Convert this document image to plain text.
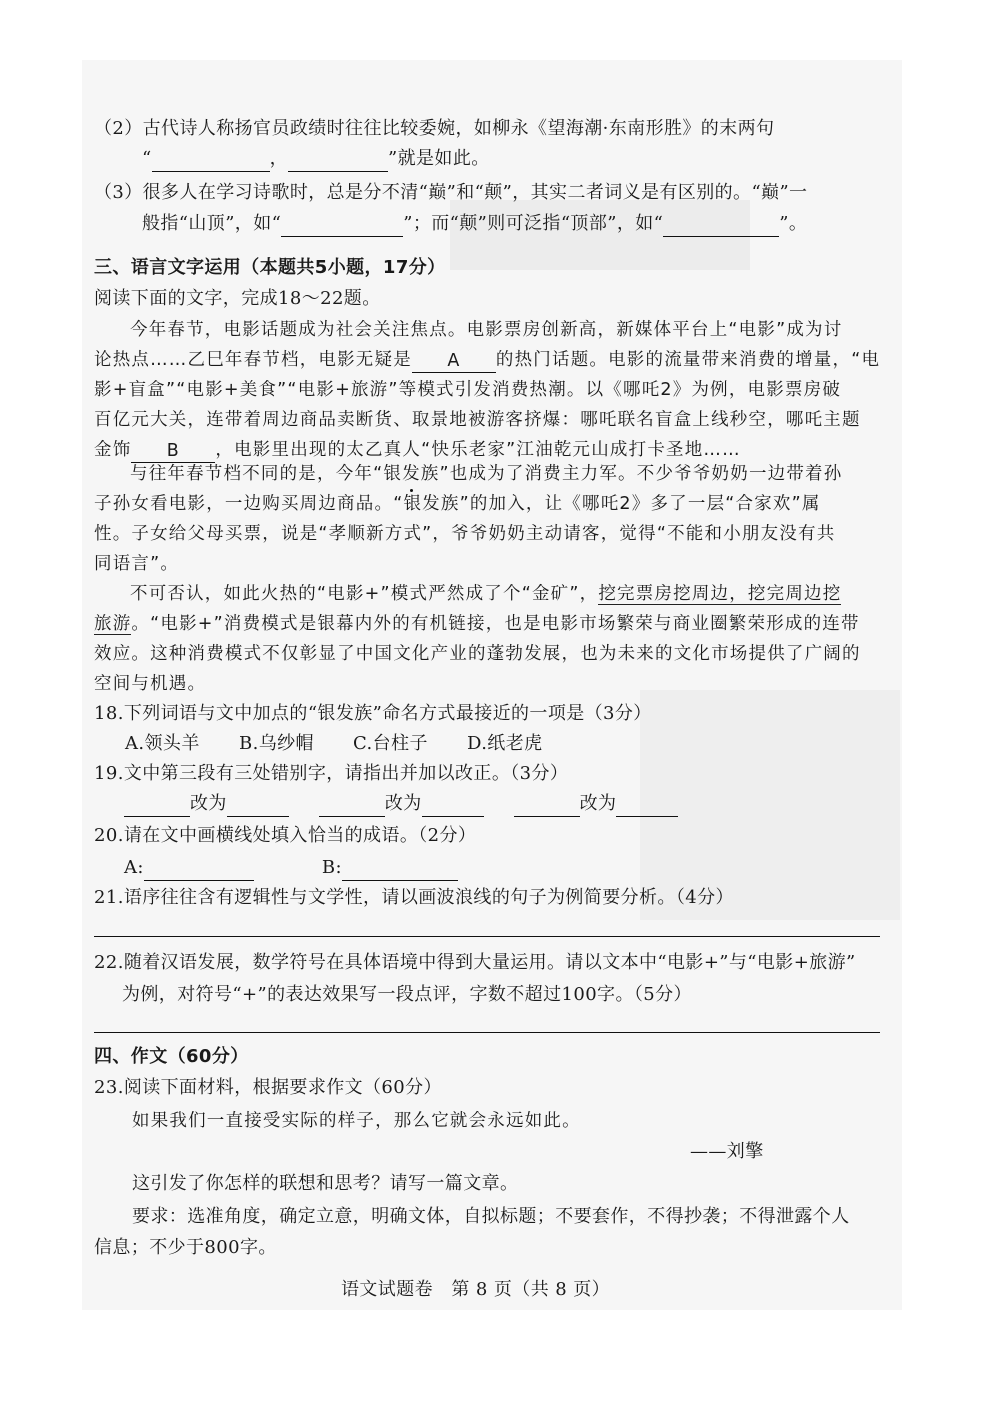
（2）古代诗人称扬官员政绩时往往比较委婉，如柳永《望海潮·东南形胜》的末两句
“	，	”就是如此。
（3）很多人在学习诗歌时，总是分不清“巅”和“颠”，其实二者词义是有区别的。“巅”一
般指“山顶”，如“	”；而“颠”则可泛指“顶部”，如“	”。
三、语言文字运用（本题共5小题，17分）
阅读下面的文字，完成18～22题。
今年春节，电影话题成为社会关注焦点。电影票房创新高，新媒体平台上“电影”成为讨
论热点……乙巳年春节档，电影无疑是 A 的热门话题。电影的流量带来消费的增量，“电
影+盲盒”“电影+美食”“电影+旅游”等模式引发消费热潮。以《哪吒2》为例，电影票房破
百亿元大关，连带着周边商品卖断货、取景地被游客挤爆：哪吒联名盲盒上线秒空，哪吒主题
金饰 B ，电影里出现的太乙真人“快乐老家”江油乾元山成打卡圣地……
与往年春节档不同的是，今年“银发族”也成为了消费主力军。不少爷爷奶奶一边带着孙
子孙女看电影，一边购买周边商品。“银发族”的加入，让《哪吒2》多了一层“合家欢”属
性。子女给父母买票，说是“孝顺新方式”，爷爷奶奶主动请客，觉得“不能和小朋友没有共
同语言”。
不可否认，如此火热的“电影+”模式严然成了个“金矿”，挖完票房挖周边，挖完周边挖
旅游。“电影+”消费模式是银幕内外的有机链接，也是电影市场繁荣与商业圈繁荣形成的连带
效应。这种消费模式不仅彰显了中国文化产业的蓬勃发展，也为未来的文化市场提供了广阔的
空间与机遇。
18.下列词语与文中加点的“银发族”命名方式最接近的一项是（3分）
A.领头羊 B.乌纱帽 C.台柱子 D.纸老虎
19.文中第三段有三处错别字，请指出并加以改正。（3分）
改为	改为	改为
20.请在文中画横线处填入恰当的成语。（2分）
A:	B:
21.语序往往含有逻辑性与文学性，请以画波浪线的句子为例简要分析。（4分）
22.随着汉语发展，数学符号在具体语境中得到大量运用。请以文本中“电影+”与“电影+旅游”
为例，对符号“+”的表达效果写一段点评，字数不超过100字。（5分）
四、作文（60分）
23.阅读下面材料，根据要求作文（60分）
如果我们一直接受实际的样子，那么它就会永远如此。
——刘擎
这引发了你怎样的联想和思考？请写一篇文章。
要求：选准角度，确定立意，明确文体，自拟标题；不要套作，不得抄袭；不得泄露个人
信息；不少于800字。
语文试题卷　第 8 页（共 8 页）
